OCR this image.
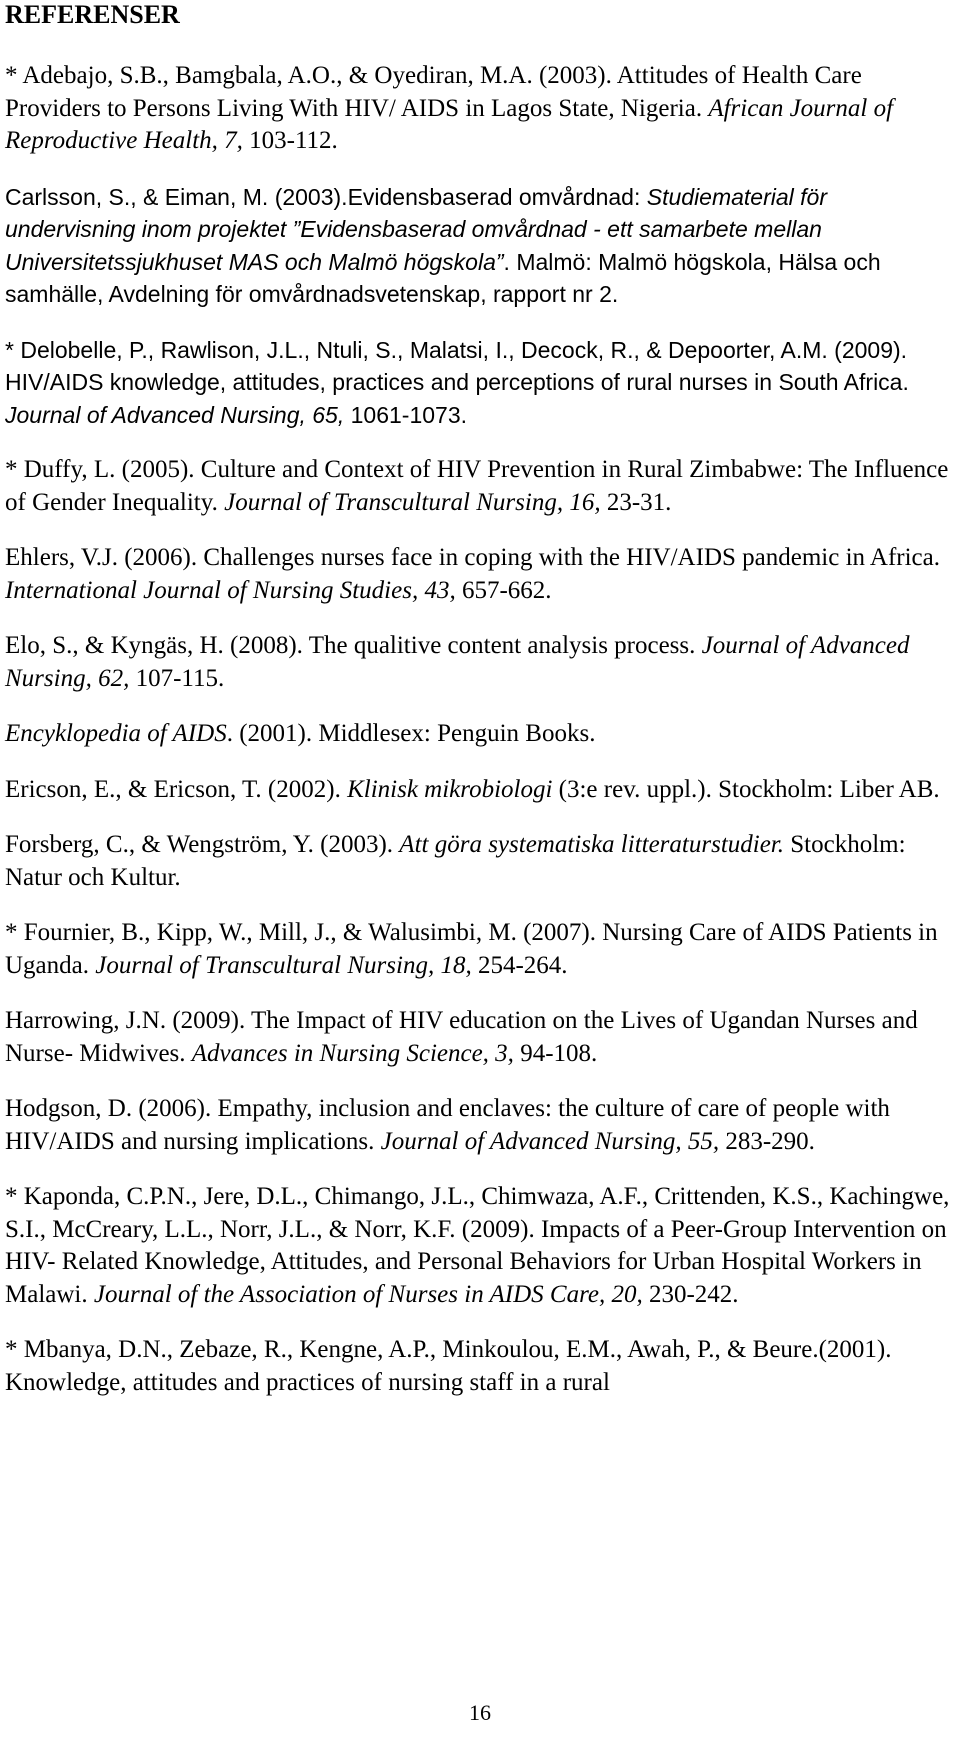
REFERENSER

* Adebajo, S.B., Bamgbala, A.O., & Oyediran, M.A. (2003). Attitudes of Health Care Providers to Persons Living With HIV/ AIDS in Lagos State, Nigeria. African Journal of Reproductive Health, 7, 103-112.

Carlsson, S., & Eiman, M. (2003).Evidensbaserad omvårdnad: Studiematerial för undervisning inom projektet ”Evidensbaserad omvårdnad - ett samarbete mellan Universitetssjukhuset MAS och Malmö högskola”. Malmö: Malmö högskola, Hälsa och samhälle, Avdelning för omvårdnadsvetenskap, rapport nr 2.

* Delobelle, P., Rawlison, J.L., Ntuli, S., Malatsi, I., Decock, R., & Depoorter, A.M. (2009). HIV/AIDS knowledge, attitudes, practices and perceptions of rural nurses in South Africa. Journal of Advanced Nursing, 65, 1061-1073.

* Duffy, L. (2005). Culture and Context of HIV Prevention in Rural Zimbabwe: The Influence of Gender Inequality. Journal of Transcultural Nursing, 16, 23-31.

Ehlers, V.J. (2006). Challenges nurses face in coping with the HIV/AIDS pandemic in Africa. International Journal of Nursing Studies, 43, 657-662.

Elo, S., & Kyngäs, H. (2008). The qualitive content analysis process. Journal of Advanced Nursing, 62, 107-115.

Encyklopedia of AIDS. (2001). Middlesex: Penguin Books.

Ericson, E., & Ericson, T. (2002). Klinisk mikrobiologi (3:e rev. uppl.). Stockholm: Liber AB.

Forsberg, C., & Wengström, Y. (2003). Att göra systematiska litteraturstudier. Stockholm: Natur och Kultur.

* Fournier, B., Kipp, W., Mill, J., & Walusimbi, M. (2007). Nursing Care of AIDS Patients in Uganda. Journal of Transcultural Nursing, 18, 254-264.

Harrowing, J.N. (2009). The Impact of HIV education on the Lives of Ugandan Nurses and Nurse- Midwives. Advances in Nursing Science, 3, 94-108.

Hodgson, D. (2006). Empathy, inclusion and enclaves: the culture of care of people with HIV/AIDS and nursing implications. Journal of Advanced Nursing, 55, 283-290.

* Kaponda, C.P.N., Jere, D.L., Chimango, J.L., Chimwaza, A.F., Crittenden, K.S., Kachingwe, S.I., McCreary, L.L., Norr, J.L., & Norr, K.F. (2009). Impacts of a Peer-Group Intervention on HIV- Related Knowledge, Attitudes, and Personal Behaviors for Urban Hospital Workers in Malawi. Journal of the Association of Nurses in AIDS Care, 20, 230-242.

* Mbanya, D.N., Zebaze, R., Kengne, A.P., Minkoulou, E.M., Awah, P., & Beure.(2001). Knowledge, attitudes and practices of nursing staff in a rural

16
